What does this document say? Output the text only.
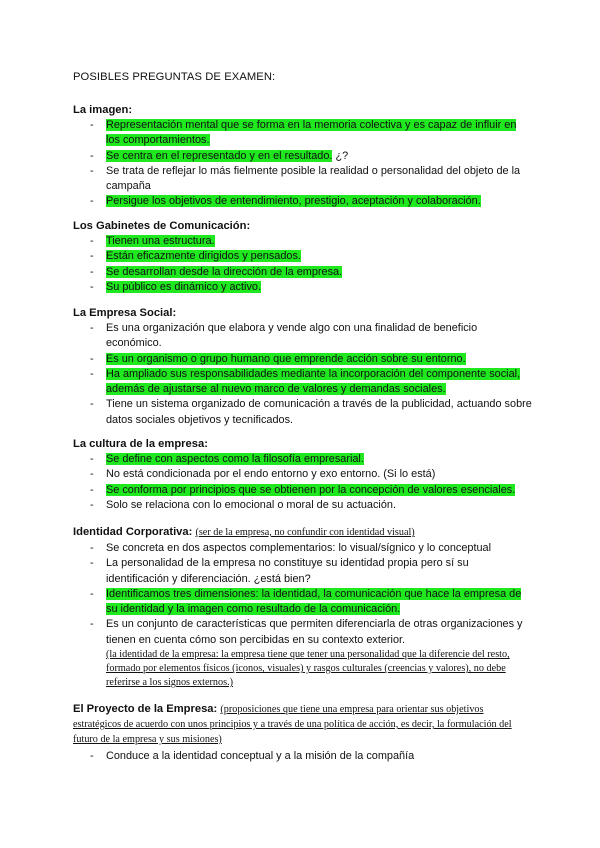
POSIBLES PREGUNTAS DE EXAMEN:
La imagen:
- Representación mental que se forma en la memoria colectiva y es capaz de influir en los comportamientos.
- Se centra en el representado y en el resultado. ¿?
- Se trata de reflejar lo más fielmente posible la realidad o personalidad del objeto de la campaña
- Persigue los objetivos de entendimiento, prestigio, aceptación y colaboración.
Los Gabinetes de Comunicación:
- Tienen una estructura.
- Están eficazmente dirigidos y pensados.
- Se desarrollan desde la dirección de la empresa.
- Su público es dinámico y activo.
La Empresa Social:
- Es una organización que elabora y vende algo con una finalidad de beneficio económico.
- Es un organismo o grupo humano que emprende acción sobre su entorno.
- Ha ampliado sus responsabilidades mediante la incorporación del componente social, además de ajustarse al nuevo marco de valores y demandas sociales.
- Tiene un sistema organizado de comunicación a través de la publicidad, actuando sobre datos sociales objetivos y tecnificados.
La cultura de la empresa:
- Se define con aspectos como la filosofía empresarial.
- No está condicionada por el endo entorno y exo entorno. (Si lo está)
- Se conforma por principios que se obtienen por la concepción de valores esenciales.
- Solo se relaciona con lo emocional o moral de su actuación.
Identidad Corporativa: (ser de la empresa, no confundir con identidad visual)
- Se concreta en dos aspectos complementarios: lo visual/sígnico y lo conceptual
- La personalidad de la empresa no constituye su identidad propia pero sí su identificación y diferenciación. ¿está bien?
- Identificamos tres dimensiones: la identidad, la comunicación que hace la empresa de su identidad y la imagen como resultado de la comunicación.
- Es un conjunto de características que permiten diferenciarla de otras organizaciones y tienen en cuenta cómo son percibidas en su contexto exterior.
(la identidad de la empresa: la empresa tiene que tener una personalidad que la diferencie del resto, formado por elementos físicos (iconos, visuales) y rasgos culturales (creencias y valores), no debe referirse a los signos externos.)
El Proyecto de la Empresa: (proposiciones que tiene una empresa para orientar sus objetivos estratégicos de acuerdo con unos principios y a través de una política de acción, es decir, la formulación del futuro de la empresa y sus misiones)
- Conduce a la identidad conceptual y a la misión de la compañía
